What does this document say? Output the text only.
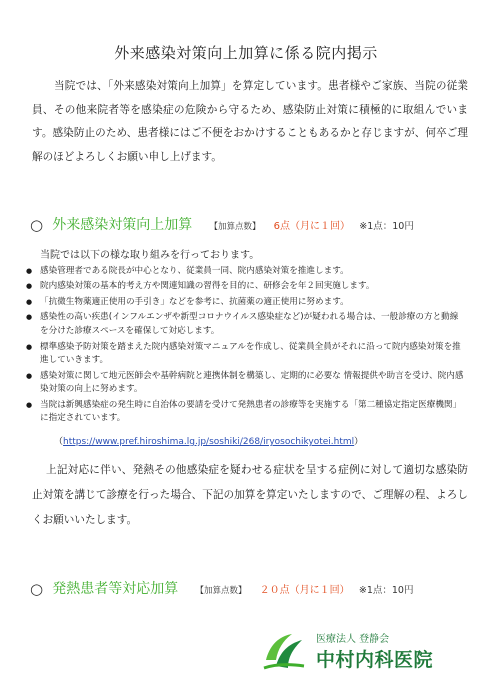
外来感染対策向上加算に係る院内掲示
当院では、「外来感染対策向上加算」を算定しています。患者様やご家族、当院の従業員、その他来院者等を感染症の危険から守るため、感染防止対策に積極的に取組んでいます。感染防止のため、患者様にはご不便をおかけすることもあるかと存じますが、何卒ご理解のほどよろしくお願い申し上げます。
○ 外来感染対策向上加算 【加算点数】 6点（月に１回） ※1点：10円
当院では以下の様な取り組みを行っております。
● 感染管理者である院長が中心となり、従業員一同、院内感染対策を推進します。
● 院内感染対策の基本的考え方や関連知識の習得を目的に、研修会を年２回実施します。
● 「抗微生物薬適正使用の手引き」などを参考に、抗菌薬の適正使用に努めます。
● 感染性の高い疾患(インフルエンザや新型コロナウイルス感染症など)が疑われる場合は、一般診療の方と動線を分けた診療スペースを確保して対応します。
● 標準感染予防対策を踏まえた院内感染対策マニュアルを作成し、従業員全員がそれに沿って院内感染対策を推進していきます。
● 感染対策に関して地元医師会や基幹病院と連携体制を構築し、定期的に必要な 情報提供や助言を受け、院内感染対策の向上に努めます。
● 当院は新興感染症の発生時に自治体の要請を受けて発熱患者の診療等を実施する「第二種協定指定医療機関」に指定されています。
（https://www.pref.hiroshima.lg.jp/soshiki/268/iryosochikyotei.html）
上記対応に伴い、発熱その他感染症を疑わせる症状を呈する症例に対して適切な感染防止対策を講じて診療を行った場合、下記の加算を算定いたしますので、ご理解の程、よろしくお願いいたします。
○ 発熱患者等対応加算 【加算点数】 ２０点（月に１回） ※1点：10円
医療法人 登静会
中村内科医院
